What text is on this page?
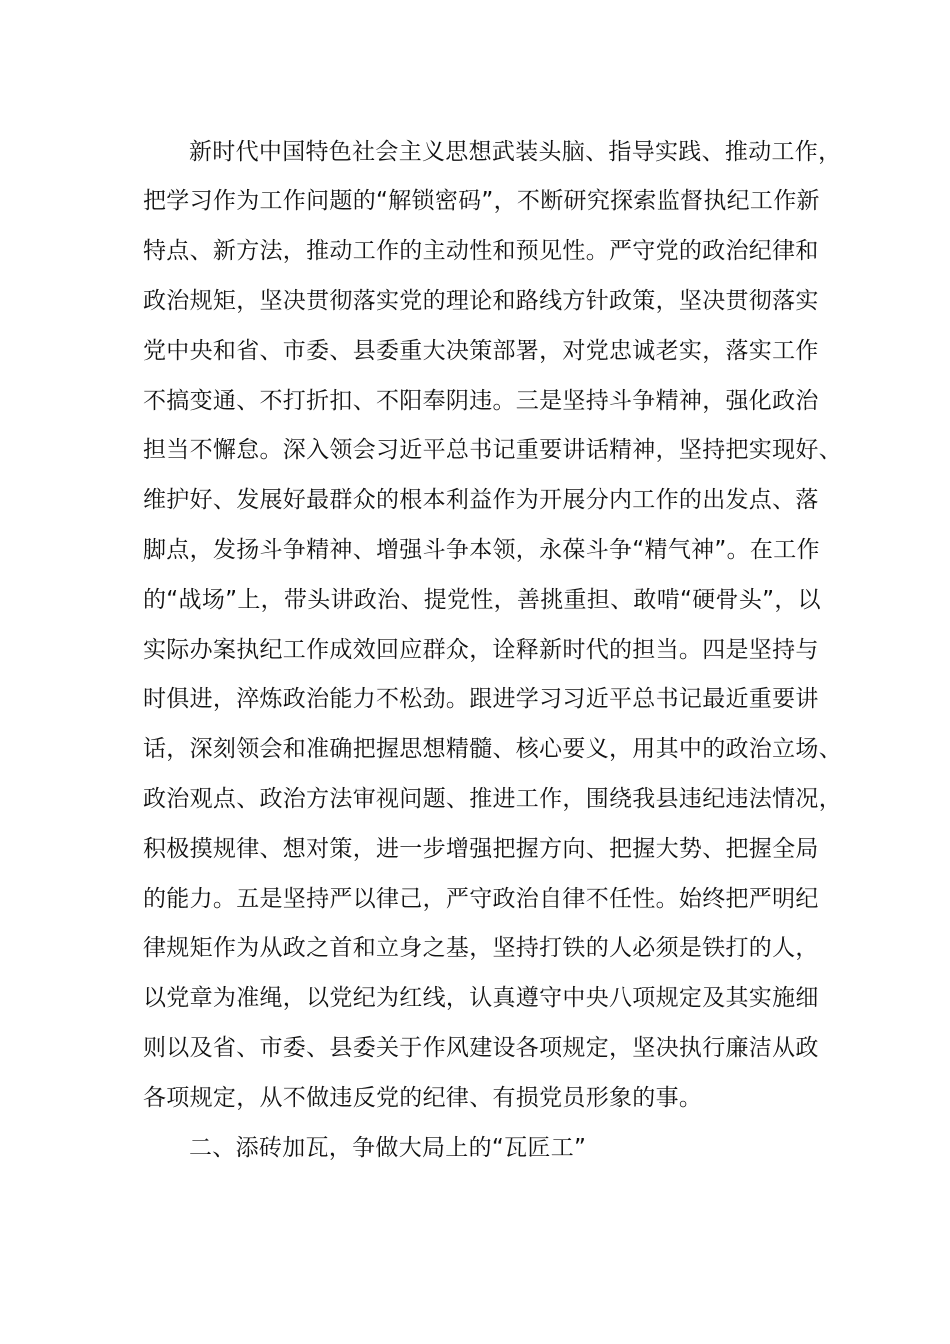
新时代中国特色社会主义思想武装头脑、指导实践、推动工作，
把学习作为工作问题的“解锁密码”，不断研究探索监督执纪工作新
特点、新方法，推动工作的主动性和预见性。严守党的政治纪律和
政治规矩，坚决贯彻落实党的理论和路线方针政策，坚决贯彻落实
党中央和省、市委、县委重大决策部署，对党忠诚老实，落实工作
不搞变通、不打折扣、不阳奉阴违。三是坚持斗争精神，强化政治
担当不懈怠。深入领会习近平总书记重要讲话精神，坚持把实现好、
维护好、发展好最群众的根本利益作为开展分内工作的出发点、落
脚点，发扬斗争精神、增强斗争本领，永葆斗争“精气神”。在工作
的“战场”上，带头讲政治、提党性，善挑重担、敢啃“硬骨头”，以
实际办案执纪工作成效回应群众，诠释新时代的担当。四是坚持与
时俱进，淬炼政治能力不松劲。跟进学习习近平总书记最近重要讲
话，深刻领会和准确把握思想精髓、核心要义，用其中的政治立场、
政治观点、政治方法审视问题、推进工作，围绕我县违纪违法情况，
积极摸规律、想对策，进一步增强把握方向、把握大势、把握全局
的能力。五是坚持严以律己，严守政治自律不任性。始终把严明纪
律规矩作为从政之首和立身之基，坚持打铁的人必须是铁打的人，
以党章为准绳，以党纪为红线，认真遵守中央八项规定及其实施细
则以及省、市委、县委关于作风建设各项规定，坚决执行廉洁从政
各项规定，从不做违反党的纪律、有损党员形象的事。
二、添砖加瓦，争做大局上的“瓦匠工”
